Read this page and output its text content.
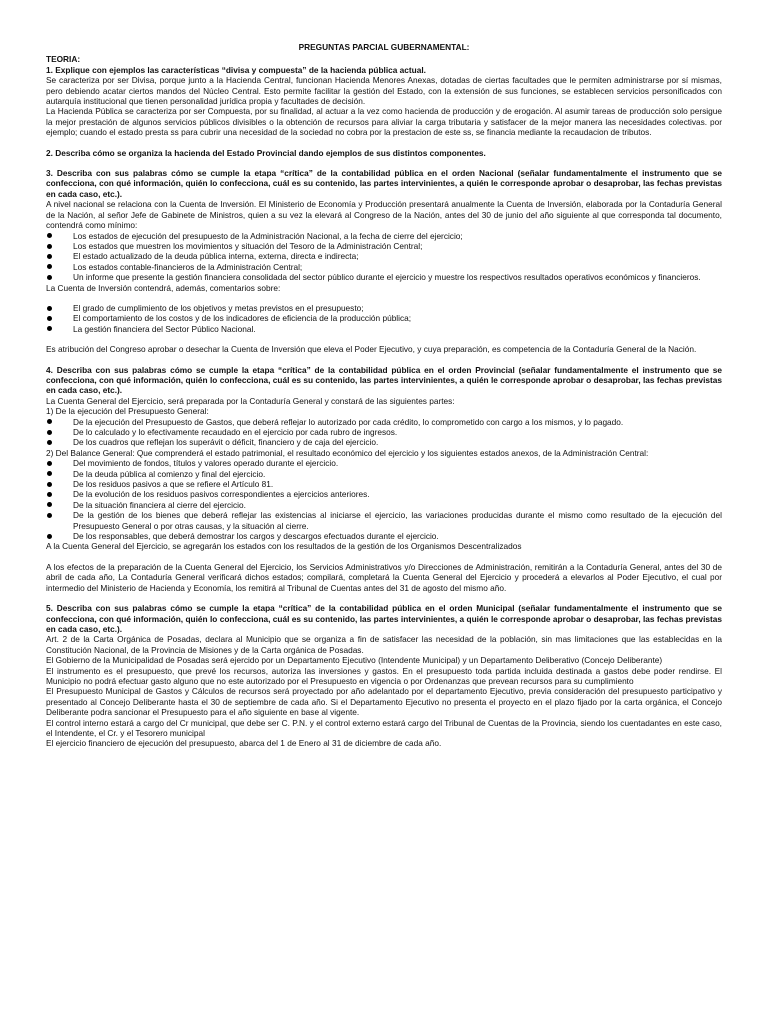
PREGUNTAS PARCIAL GUBERNAMENTAL:

TEORIA:

1. Explique con ejemplos las características “divisa y compuesta” de la hacienda pública actual.

Se caracteriza por ser Divisa, porque junto a la Hacienda Central, funcionan Hacienda Menores Anexas, dotadas de ciertas facultades que le permiten administrarse por sí mismas, pero debiendo acatar ciertos mandos del Núcleo Central. Esto permite facilitar la gestión del Estado, con la extensión de sus funciones, se establecen servicios personificados con autarquía institucional que tienen personalidad jurídica propia y facultades de decisión.

La Hacienda Pública se caracteriza por ser Compuesta, por su finalidad, al actuar a la vez como hacienda de producción y de erogación. Al asumir tareas de producción solo persigue la mejor prestación de algunos servicios públicos divisibles o la obtención de recursos para aliviar la carga tributaria y satisfacer de la mejor manera las necesidades colectivas. por ejemplo; cuando el estado presta ss para cubrir una necesidad de la sociedad no cobra por la prestacion de este ss, se financia mediante la recaudacion de tributos.

2. Describa cómo se organiza la hacienda del Estado Provincial dando ejemplos de sus distintos componentes.

3. Describa con sus palabras cómo se cumple la etapa “crítica” de la contabilidad pública en el orden Nacional (señalar fundamentalmente el instrumento que se confecciona, con qué información, quién lo confecciona, cuál es su contenido, las partes intervinientes, a quién le corresponde aprobar o desaprobar, las fechas previstas en cada caso, etc.).

A nivel nacional se relaciona con la Cuenta de Inversión. El Ministerio de Economía y Producción presentará anualmente la Cuenta de Inversión, elaborada por la Contaduría General de la Nación, al señor Jefe de Gabinete de Ministros, quien a su vez la elevará al Congreso de la Nación, antes del 30 de junio del año siguiente al que corresponda tal documento, contendrá como mínimo:

Los estados de ejecución del presupuesto de la Administración Nacional, a la fecha de cierre del ejercicio;
Los estados que muestren los movimientos y situación del Tesoro de la Administración Central;
El estado actualizado de la deuda pública interna, externa, directa e indirecta;
Los estados contable-financieros de la Administración Central;
Un informe que presente la gestión financiera consolidada del sector público durante el ejercicio y muestre los respectivos resultados operativos económicos y financieros.

La Cuenta de Inversión contendrá, además, comentarios sobre:

El grado de cumplimiento de los objetivos y metas previstos en el presupuesto;
El comportamiento de los costos y de los indicadores de eficiencia de la producción pública;
La gestión financiera del Sector Público Nacional.

Es atribución del Congreso aprobar o desechar la Cuenta de Inversión que eleva el Poder Ejecutivo, y cuya preparación, es competencia de la Contaduría General de la Nación.

4. Describa con sus palabras cómo se cumple la etapa “crítica” de la contabilidad pública en el orden Provincial (señalar fundamentalmente el instrumento que se confecciona, con qué información, quién lo confecciona, cuál es su contenido, las partes intervinientes, a quién le corresponde aprobar o desaprobar, las fechas previstas en cada caso, etc.).

La Cuenta General del Ejercicio, será preparada por la Contaduría General y constará de las siguientes partes:

1) De la ejecución del Presupuesto General:

De la ejecución del Presupuesto de Gastos, que deberá reflejar lo autorizado por cada crédito, lo comprometido con cargo a los mismos, y lo pagado.
De lo calculado y lo efectivamente recaudado en el ejercicio por cada rubro de ingresos.
De los cuadros que reflejan los superávit o déficit, financiero y de caja del ejercicio.

2) Del Balance General: Que comprenderá el estado patrimonial, el resultado económico del ejercicio y los siguientes estados anexos, de la Administración Central:

Del movimiento de fondos, títulos y valores operado durante el ejercicio.
De la deuda pública al comienzo y final del ejercicio.
De los residuos pasivos a que se refiere el Artículo 81.
De la evolución de los residuos pasivos correspondientes a ejercicios anteriores.
De la situación financiera al cierre del ejercicio.
De la gestión de los bienes que deberá reflejar las existencias al iniciarse el ejercicio, las variaciones producidas durante el mismo como resultado de la ejecución del Presupuesto General o por otras causas, y la situación al cierre.
De los responsables, que deberá demostrar los cargos y descargos efectuados durante el ejercicio.

A la Cuenta General del Ejercicio, se agregarán los estados con los resultados de la gestión de los Organismos Descentralizados

A los efectos de la preparación de la Cuenta General del Ejercicio, los Servicios Administrativos y/o Direcciones de Administración, remitirán a la Contaduría General, antes del 30 de abril de cada año, La Contaduría General verificará dichos estados; compilará, completará la Cuenta General del Ejercicio y procederá a elevarlos al Poder Ejecutivo, el cual por intermedio del Ministerio de Hacienda y Economía, los remitirá al Tribunal de Cuentas antes del 31 de agosto del mismo año.

5. Describa con sus palabras cómo se cumple la etapa “crítica” de la contabilidad pública en el orden Municipal (señalar fundamentalmente el instrumento que se confecciona, con qué información, quién lo confecciona, cuál es su contenido, las partes intervinientes, a quién le corresponde aprobar o desaprobar, las fechas previstas en cada caso, etc.).

Art. 2 de la Carta Orgánica de Posadas, declara al Municipio que se organiza a fin de satisfacer las necesidad de la población, sin mas limitaciones que las establecidas en la Constitución Nacional, de la Provincia de Misiones y de la Carta orgánica de Posadas.

El Gobierno de la Municipalidad de Posadas será ejercido por un Departamento Ejecutivo (Intendente Municipal) y un Departamento Deliberativo (Concejo Deliberante)

El instrumento es el presupuesto, que prevé los recursos, autoriza las inversiones y gastos. En el presupuesto toda partida incluida destinada a gastos debe poder rendirse. El Municipio no podrá efectuar gasto alguno que no este autorizado por el Presupuesto en vigencia o por Ordenanzas que prevean recursos para su cumplimiento

El Presupuesto Municipal de Gastos y Cálculos de recursos será proyectado por año adelantado por el departamento Ejecutivo, previa consideración del presupuesto participativo y presentado al Concejo Deliberante hasta el 30 de septiembre de cada año. Si el Departamento Ejecutivo no presenta el proyecto en el plazo fijado por la carta orgánica, el Concejo Deliberante podra sancionar el Presupuesto para el año siguiente en base al vigente.

El control interno estará a cargo del Cr municipal, que debe ser C. P.N. y el control externo estará cargo del Tribunal de Cuentas de la Provincia, siendo los cuentadantes en este caso, el Intendente, el Cr. y el Tesorero municipal

El ejercicio financiero de ejecución del presupuesto, abarca del 1 de Enero al 31 de diciembre de cada año.
